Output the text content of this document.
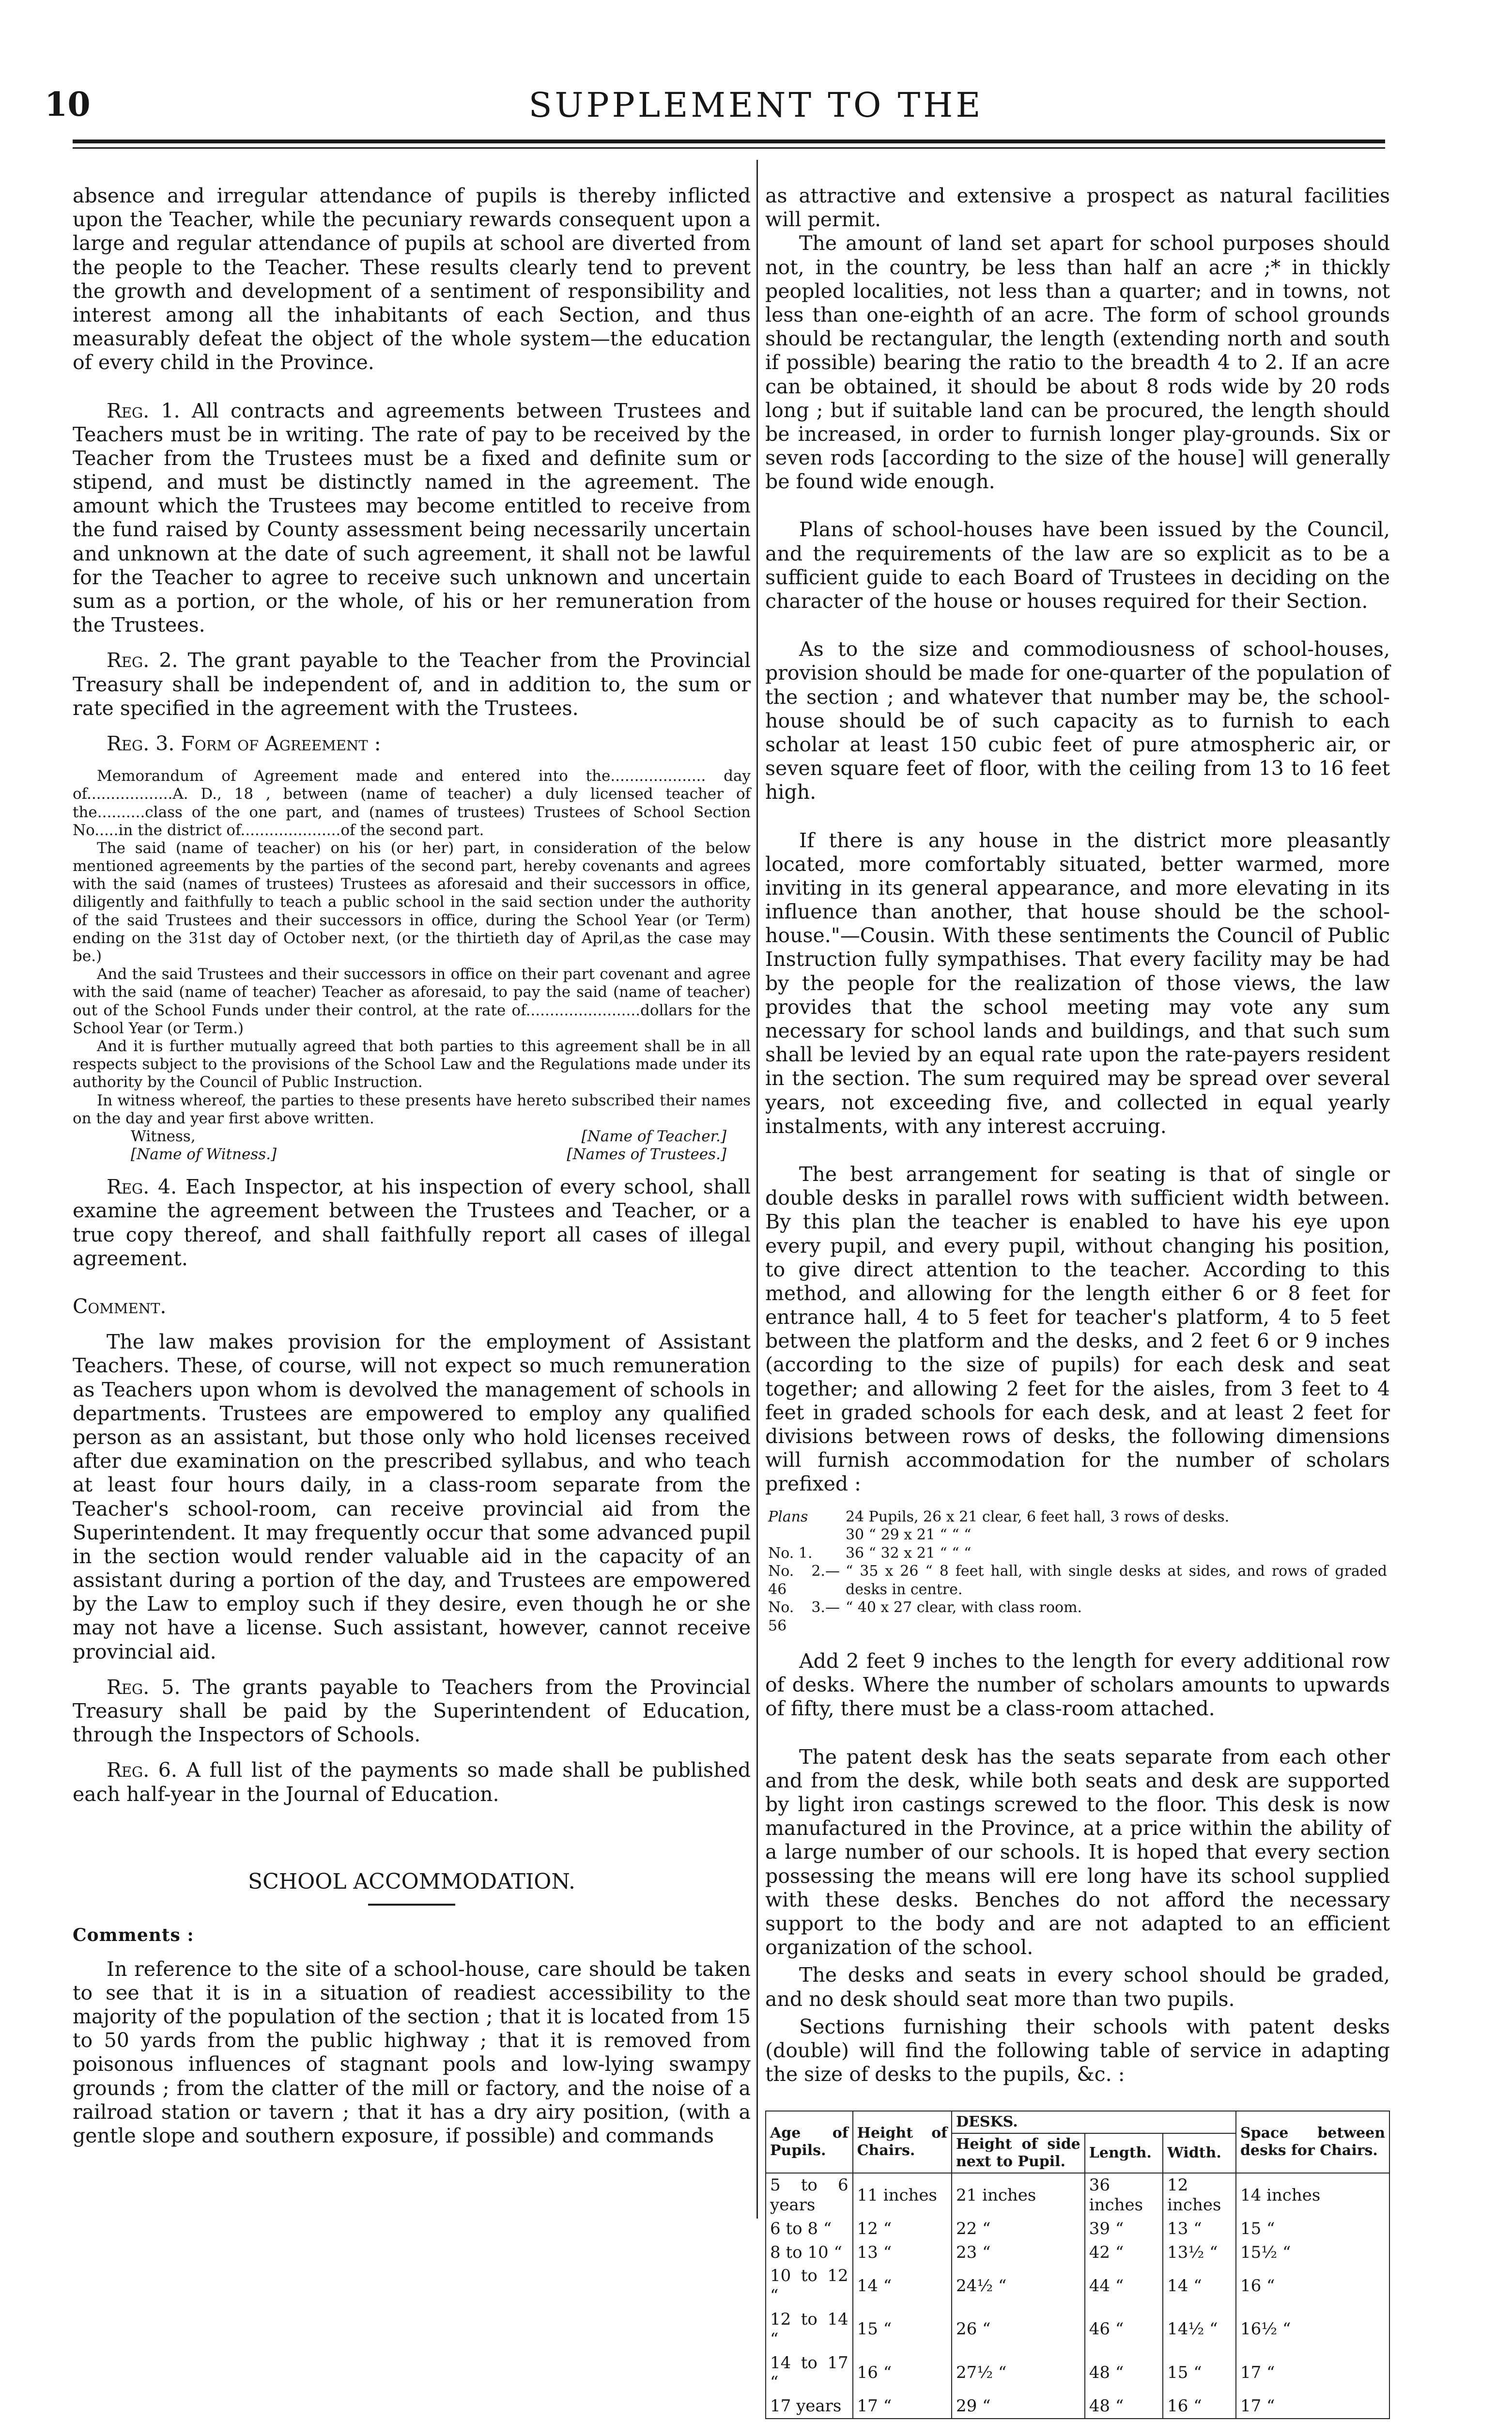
10	SUPPLEMENT TO THE

absence and irregular attendance of pupils is thereby inflicted upon the Teacher, while the pecuniary rewards consequent upon a large and regular attendance of pupils at school are diverted from the people to the Teacher. These results clearly tend to prevent the growth and development of a sentiment of responsibility and interest among all the inhabitants of each Section, and thus measurably defeat the object of the whole system—the education of every child in the Province.

Reg. 1. All contracts and agreements between Trustees and Teachers must be in writing. The rate of pay to be received by the Teacher from the Trustees must be a fixed and definite sum or stipend, and must be distinctly named in the agreement. The amount which the Trustees may become entitled to receive from the fund raised by County assessment being necessarily uncertain and unknown at the date of such agreement, it shall not be lawful for the Teacher to agree to receive such unknown and uncertain sum as a portion, or the whole, of his or her remuneration from the Trustees.

Reg. 2. The grant payable to the Teacher from the Provincial Treasury shall be independent of, and in addition to, the sum or rate specified in the agreement with the Trustees.

Reg. 3. Form of Agreement :

Memorandum of Agreement made and entered into the.................... day of..................A. D., 18 , between (name of teacher) a duly licensed teacher of the..........class of the one part, and (names of trustees) Trustees of School Section No.....in the district of.....................of the second part.

The said (name of teacher) on his (or her) part, in consideration of the below mentioned agreements by the parties of the second part, hereby covenants and agrees with the said (names of trustees) Trustees as aforesaid and their successors in office, diligently and faithfully to teach a public school in the said section under the authority of the said Trustees and their successors in office, during the School Year (or Term) ending on the 31st day of October next, (or the thirtieth day of April,as the case may be.)

And the said Trustees and their successors in office on their part covenant and agree with the said (name of teacher) Teacher as aforesaid, to pay the said (name of teacher) out of the School Funds under their control, at the rate of........................dollars for the School Year (or Term.)

And it is further mutually agreed that both parties to this agreement shall be in all respects subject to the provisions of the School Law and the Regulations made under its authority by the Council of Public Instruction.

In witness whereof, the parties to these presents have hereto subscribed their names on the day and year first above written.

Witness,	[Name of Teacher.]
[Name of Witness.]	[Names of Trustees.]

Reg. 4. Each Inspector, at his inspection of every school, shall examine the agreement between the Trustees and Teacher, or a true copy thereof, and shall faithfully report all cases of illegal agreement.

Comment.

The law makes provision for the employment of Assistant Teachers. These, of course, will not expect so much remuneration as Teachers upon whom is devolved the management of schools in departments. Trustees are empowered to employ any qualified person as an assistant, but those only who hold licenses received after due examination on the prescribed syllabus, and who teach at least four hours daily, in a class-room separate from the Teacher's school-room, can receive provincial aid from the Superintendent. It may frequently occur that some advanced pupil in the section would render valuable aid in the capacity of an assistant during a portion of the day, and Trustees are empowered by the Law to employ such if they desire, even though he or she may not have a license. Such assistant, however, cannot receive provincial aid.

Reg. 5. The grants payable to Teachers from the Provincial Treasury shall be paid by the Superintendent of Education, through the Inspectors of Schools.

Reg. 6. A full list of the payments so made shall be published each half-year in the Journal of Education.

SCHOOL ACCOMMODATION.

Comments :

In reference to the site of a school-house, care should be taken to see that it is in a situation of readiest accessibility to the majority of the population of the section ; that it is located from 15 to 50 yards from the public highway ; that it is removed from poisonous influences of stagnant pools and low-lying swampy grounds ; from the clatter of the mill or factory, and the noise of a railroad station or tavern ; that it has a dry airy position, (with a gentle slope and southern exposure, if possible) and commands

as attractive and extensive a prospect as natural facilities will permit.

The amount of land set apart for school purposes should not, in the country, be less than half an acre ;* in thickly peopled localities, not less than a quarter; and in towns, not less than one-eighth of an acre. The form of school grounds should be rectangular, the length (extending north and south if possible) bearing the ratio to the breadth 4 to 2. If an acre can be obtained, it should be about 8 rods wide by 20 rods long ; but if suitable land can be procured, the length should be increased, in order to furnish longer play-grounds. Six or seven rods [according to the size of the house] will generally be found wide enough.

Plans of school-houses have been issued by the Council, and the requirements of the law are so explicit as to be a sufficient guide to each Board of Trustees in deciding on the character of the house or houses required for their Section.

As to the size and commodiousness of school-houses, provision should be made for one-quarter of the population of the section ; and whatever that number may be, the school-house should be of such capacity as to furnish to each scholar at least 150 cubic feet of pure atmospheric air, or seven square feet of floor, with the ceiling from 13 to 16 feet high.

If there is any house in the district more pleasantly located, more comfortably situated, better warmed, more inviting in its general appearance, and more elevating in its influence than another, that house should be the school-house."—Cousin. With these sentiments the Council of Public Instruction fully sympathises. That every facility may be had by the people for the realization of those views, the law provides that the school meeting may vote any sum necessary for school lands and buildings, and that such sum shall be levied by an equal rate upon the rate-payers resident in the section. The sum required may be spread over several years, not exceeding five, and collected in equal yearly instalments, with any interest accruing.

The best arrangement for seating is that of single or double desks in parallel rows with sufficient width between. By this plan the teacher is enabled to have his eye upon every pupil, and every pupil, without changing his position, to give direct attention to the teacher. According to this method, and allowing for the length either 6 or 8 feet for entrance hall, 4 to 5 feet for teacher's platform, 4 to 5 feet between the platform and the desks, and 2 feet 6 or 9 inches (according to the size of pupils) for each desk and seat together; and allowing 2 feet for the aisles, from 3 feet to 4 feet in graded schools for each desk, and at least 2 feet for divisions between rows of desks, the following dimensions will furnish accommodation for the number of scholars prefixed :

Plans	24 Pupils, 26 x 21 clear, 6 feet hall, 3 rows of desks.
	30 “ 29 x 21 “ “ “
No. 1.	36 “ 32 x 21 “ “ “
No. 2.—46	“ 35 x 26 “ 8 feet hall, with single desks at sides, and rows of graded desks in centre.
No. 3.—56	“ 40 x 27 clear, with class room.

Add 2 feet 9 inches to the length for every additional row of desks. Where the number of scholars amounts to upwards of fifty, there must be a class-room attached.

The patent desk has the seats separate from each other and from the desk, while both seats and desk are supported by light iron castings screwed to the floor. This desk is now manufactured in the Province, at a price within the ability of a large number of our schools. It is hoped that every section possessing the means will ere long have its school supplied with these desks. Benches do not afford the necessary support to the body and are not adapted to an efficient organization of the school.

The desks and seats in every school should be graded, and no desk should seat more than two pupils.

Sections furnishing their schools with patent desks (double) will find the following table of service in adapting the size of desks to the pupils, &c. :

Age of Pupils.	Height of Chairs.	DESKS.			Space between desks for Chairs.
		Height of side next to Pupil.	Length.	Width.	
5 to 6 years	11 inches	21 inches	36 inches	12 inches	14 inches
6 to 8 “	12 “	22 “	39 “	13 “	15 “
8 to 10 “	13 “	23 “	42 “	13½ “	15½ “
10 to 12 “	14 “	24½ “	44 “	14 “	16 “
12 to 14 “	15 “	26 “	46 “	14½ “	16½ “
14 to 17 “	16 “	27½ “	48 “	15 “	17 “
17 years	17 “	29 “	48 “	16 “	17 “
